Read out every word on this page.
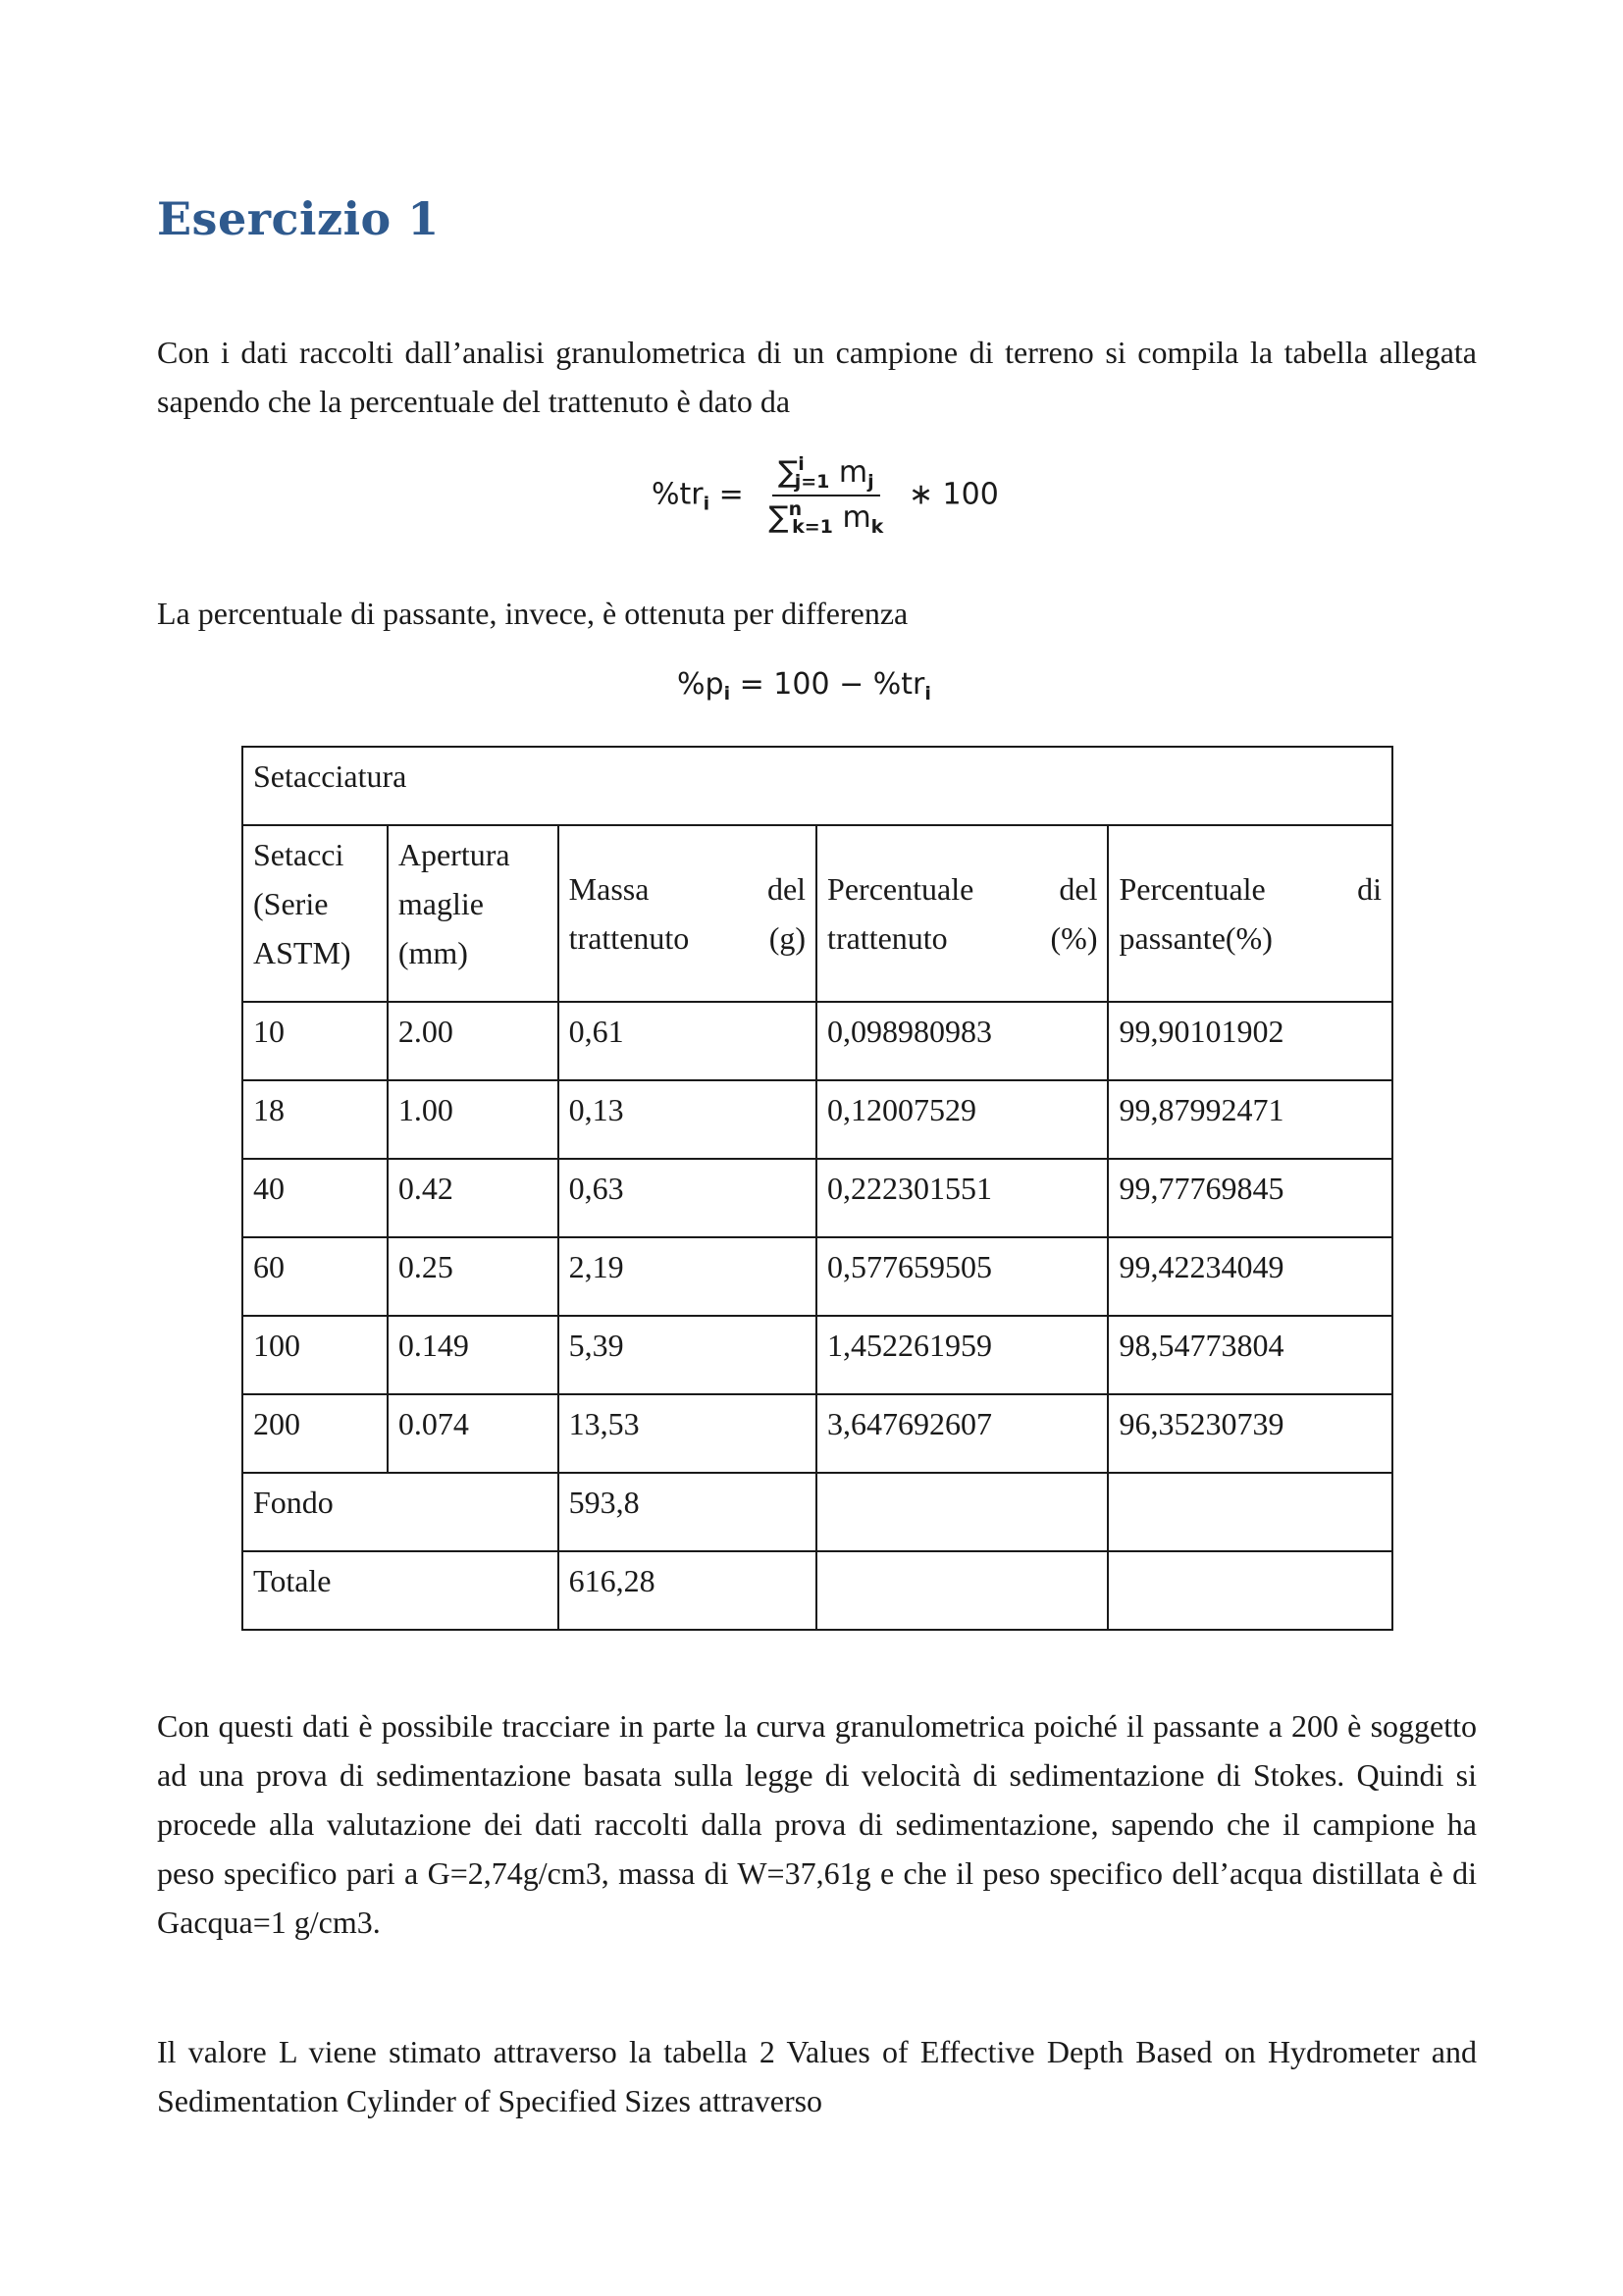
Esercizio 1

Con i dati raccolti dall’analisi granulometrica di un campione di terreno si compila la tabella allegata sapendo che la percentuale del trattenuto è dato da

$\%tr_i = \frac{\sum^i_{j=1} m_j}{\sum^n_{k=1} m_k}$ ∗ 100

La percentuale di passante, invece, è ottenuta per differenza

$\%p_i = 100 - \%tr_i$
Setacciatura				
Setacci (Serie ASTM)	Apertura maglie (mm)	Massa del trattenuto (g)	Percentuale del trattenuto (%)	Percentuale di passante(%)
10	2.00	0,61	0,098980983	99,90101902
18	1.00	0,13	0,12007529	99,87992471
40	0.42	0,63	0,222301551	99,77769845
60	0.25	2,19	0,577659505	99,42234049
100	0.149	5,39	1,452261959	98,54773804
200	0.074	13,53	3,647692607	96,35230739
Fondo		593,8		
Totale		616,28		

Con questi dati è possibile tracciare in parte la curva granulometrica poiché il passante a 200 è soggetto ad una prova di sedimentazione basata sulla legge di velocità di sedimentazione di Stokes. Quindi si procede alla valutazione dei dati raccolti dalla prova di sedimentazione, sapendo che il campione ha peso specifico pari a G=2,74g/cm3, massa di W=37,61g e che il peso specifico dell’acqua distillata è di Gacqua=1 g/cm3.

Il valore L viene stimato attraverso la tabella 2 Values of Effective Depth Based on Hydrometer and Sedimentation Cylinder of Specified Sizes attraverso
